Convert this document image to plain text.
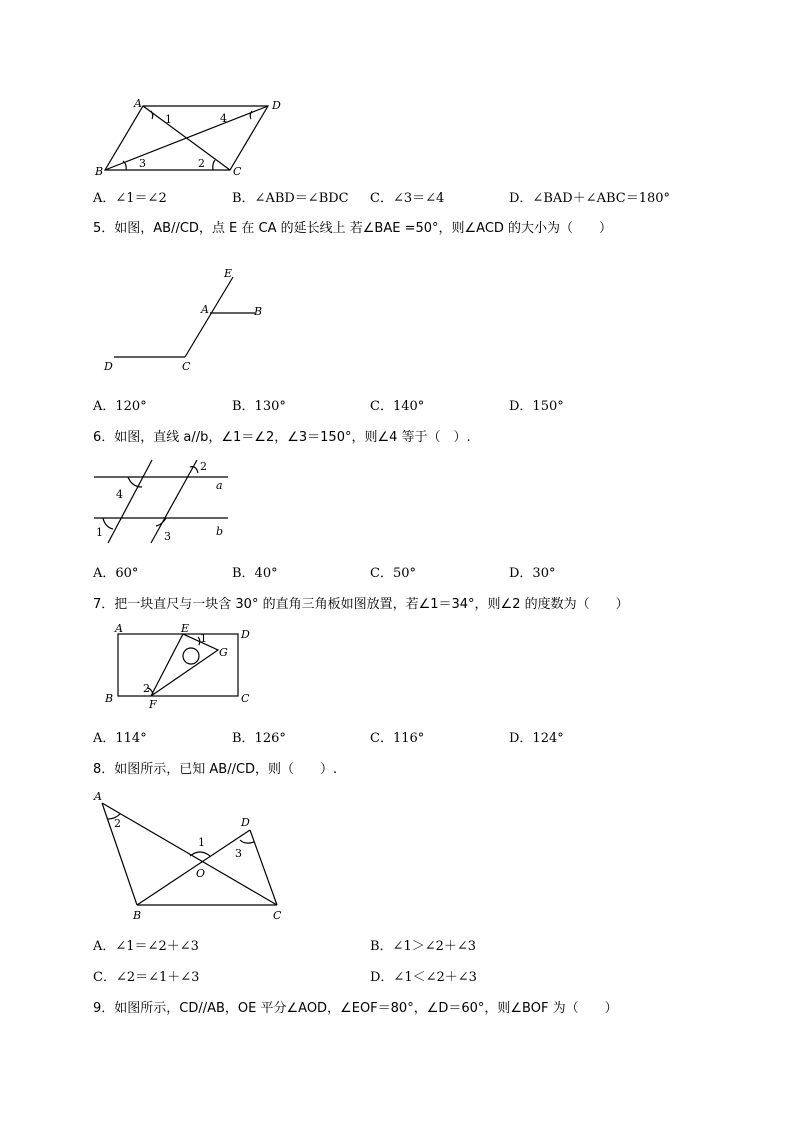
A	D
B	C
1	4
3	2
A．∠1＝∠2	B．∠ABD＝∠BDC C．∠3＝∠4	D．∠BAD＋∠ABC＝180°
5．如图，AB//CD，点 E 在 CA 的延长线上 若∠BAE =50°，则∠ACD 的大小为（　　）
E
A	B
D	C
A．120°	B．130°	C．140°	D．150°
6．如图，直线 a//b，∠1＝∠2，∠3＝150°，则∠4 等于（　）.
4
2
1	3
a
b
A．60°	B．40°	C．50°	D．30°
7．把一块直尺与一块含 30° 的直角三角板如图放置，若∠1＝34°，则∠2 的度数为（　　）
A	E	D
G
B	F	C
1
2
A．114°	B．126°	C．116°	D．124°
8．如图所示，已知 AB//CD，则（　　）.
A
D
O
B	C
2
1
3
A．∠1＝∠2＋∠3	B．∠1＞∠2＋∠3
C．∠2＝∠1＋∠3	D．∠1＜∠2＋∠3
9．如图所示，CD//AB，OE 平分∠AOD，∠EOF＝80°，∠D＝60°，则∠BOF 为（　　）
